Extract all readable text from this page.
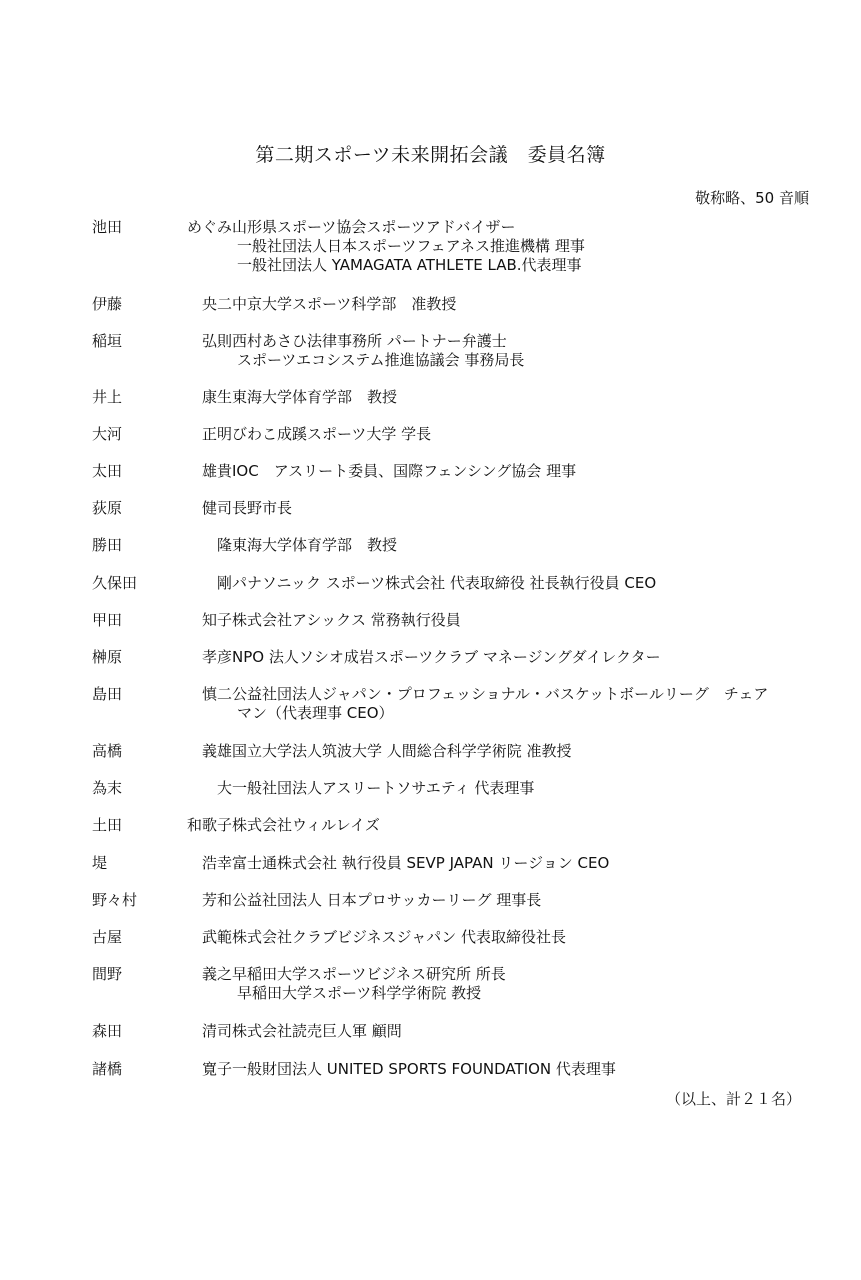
第二期スポーツ未来開拓会議　委員名簿
敬称略、50 音順
池田	めぐみ 山形県スポーツ協会スポーツアドバイザー
一般社団法人日本スポーツフェアネス推進機構 理事
一般社団法人 YAMAGATA ATHLETE LAB.代表理事
伊藤	央二 中京大学スポーツ科学部　准教授
稲垣	弘則 西村あさひ法律事務所 パートナー弁護士
スポーツエコシステム推進協議会 事務局長
井上	康生 東海大学体育学部　教授
大河	正明 びわこ成蹊スポーツ大学 学長
太田	雄貴 IOC　アスリート委員、国際フェンシング協会 理事
荻原	健司 長野市長
勝田	隆 東海大学体育学部　教授
久保田	剛 パナソニック スポーツ株式会社 代表取締役 社長執行役員 CEO
甲田	知子 株式会社アシックス 常務執行役員
榊原	孝彦 NPO 法人ソシオ成岩スポーツクラブ マネージングダイレクター
島田	慎二 公益社団法人ジャパン・プロフェッショナル・バスケットボールリーグ　チェア
マン（代表理事 CEO）
高橋	義雄 国立大学法人筑波大学 人間総合科学学術院 准教授
為末	大 一般社団法人アスリートソサエティ 代表理事
土田	和歌子 株式会社ウィルレイズ
堤	浩幸 富士通株式会社 執行役員 SEVP JAPAN リージョン CEO
野々村	芳和 公益社団法人 日本プロサッカーリーグ 理事長
古屋	武範 株式会社クラブビジネスジャパン 代表取締役社長
間野	義之 早稲田大学スポーツビジネス研究所 所長
早稲田大学スポーツ科学学術院 教授
森田	清司 株式会社読売巨人軍 顧問
諸橋	寛子 一般財団法人 UNITED SPORTS FOUNDATION 代表理事
（以上、計２１名）
